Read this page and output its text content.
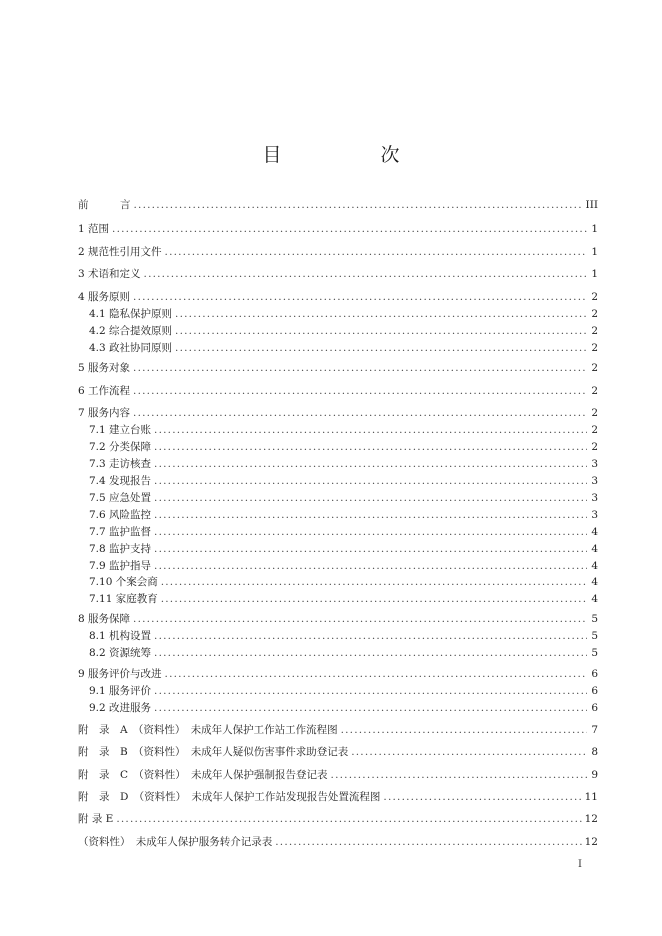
目　次
前　　　言 .....	III
1 范围 .....	1
2 规范性引用文件 .....	1
3 术语和定义 .....	1
4 服务原则 .....	2
4.1 隐私保护原则 .....	2
4.2 综合提效原则 .....	2
4.3 政社协同原则 .....	2
5 服务对象 .....	2
6 工作流程 .....	2
7 服务内容 .....	2
7.1 建立台账 .....	2
7.2 分类保障 .....	2
7.3 走访核查 .....	3
7.4 发现报告 .....	3
7.5 应急处置 .....	3
7.6 风险监控 .....	3
7.7 监护监督 .....	4
7.8 监护支持 .....	4
7.9 监护指导 .....	4
7.10 个案会商 .....	4
7.11 家庭教育 .....	4
8 服务保障 .....	5
8.1 机构设置 .....	5
8.2 资源统筹 .....	5
9 服务评价与改进 .....	6
9.1 服务评价 .....	6
9.2 改进服务 .....	6
附　录　A　（资料性）　未成年人保护工作站工作流程图 .....	7
附　录　B　（资料性）　未成年人疑似伤害事件求助登记表 .....	8
附　录　C　（资料性）　未成年人保护强制报告登记表 .....	9
附　录　D　（资料性）　未成年人保护工作站发现报告处置流程图 .....	11
附 录 E .....	12
（资料性）　未成年人保护服务转介记录表 .....	12
I
